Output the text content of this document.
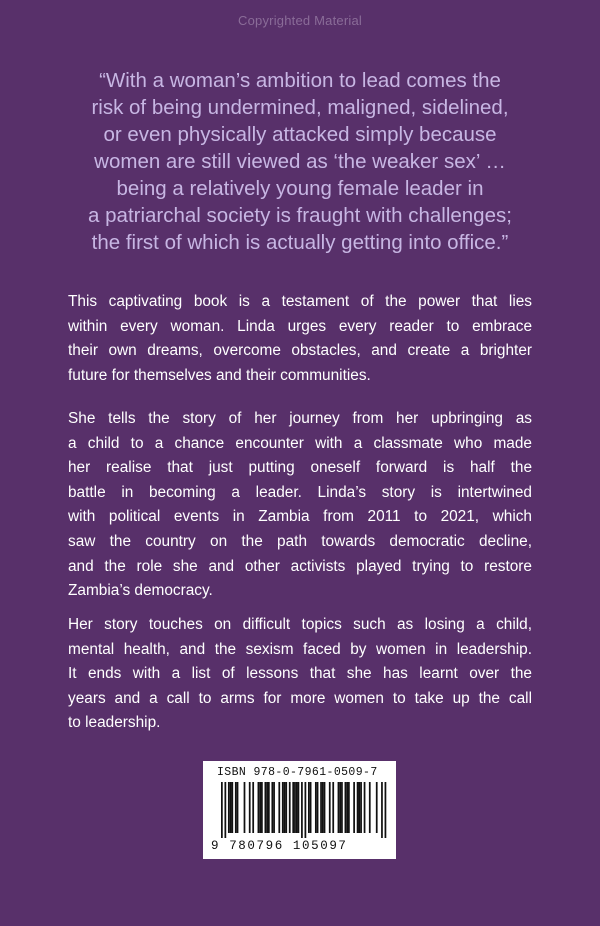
Copyrighted Material
“With a woman’s ambition to lead comes the
risk of being undermined, maligned, sidelined,
or even physically attacked simply because
women are still viewed as ‘the weaker sex’ …
being a relatively young female leader in
a patriarchal society is fraught with challenges;
the first of which is actually getting into office.”
This captivating book is a testament of the power that lies
within every woman. Linda urges every reader to embrace
their own dreams, overcome obstacles, and create a brighter
future for themselves and their communities.
She tells the story of her journey from her upbringing as
a child to a chance encounter with a classmate who made
her realise that just putting oneself forward is half the
battle in becoming a leader. Linda’s story is intertwined
with political events in Zambia from 2011 to 2021, which
saw the country on the path towards democratic decline,
and the role she and other activists played trying to restore
Zambia’s democracy.
Her story touches on difficult topics such as losing a child,
mental health, and the sexism faced by women in leadership.
It ends with a list of lessons that she has learnt over the
years and a call to arms for more women to take up the call
to leadership.
ISBN 978-0-7961-0509-7
9 780796 105097
